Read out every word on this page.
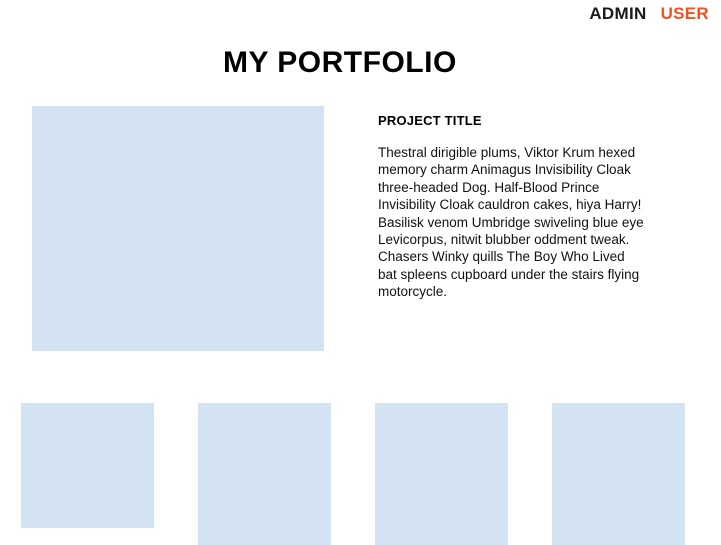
ADMIN USER
MY PORTFOLIO
PROJECT TITLE

Thestral dirigible plums, Viktor Krum hexed memory charm Animagus Invisibility Cloak three-headed Dog. Half-Blood Prince Invisibility Cloak cauldron cakes, hiya Harry! Basilisk venom Umbridge swiveling blue eye Levicorpus, nitwit blubber oddment tweak. Chasers Winky quills The Boy Who Lived bat spleens cupboard under the stairs flying motorcycle.
